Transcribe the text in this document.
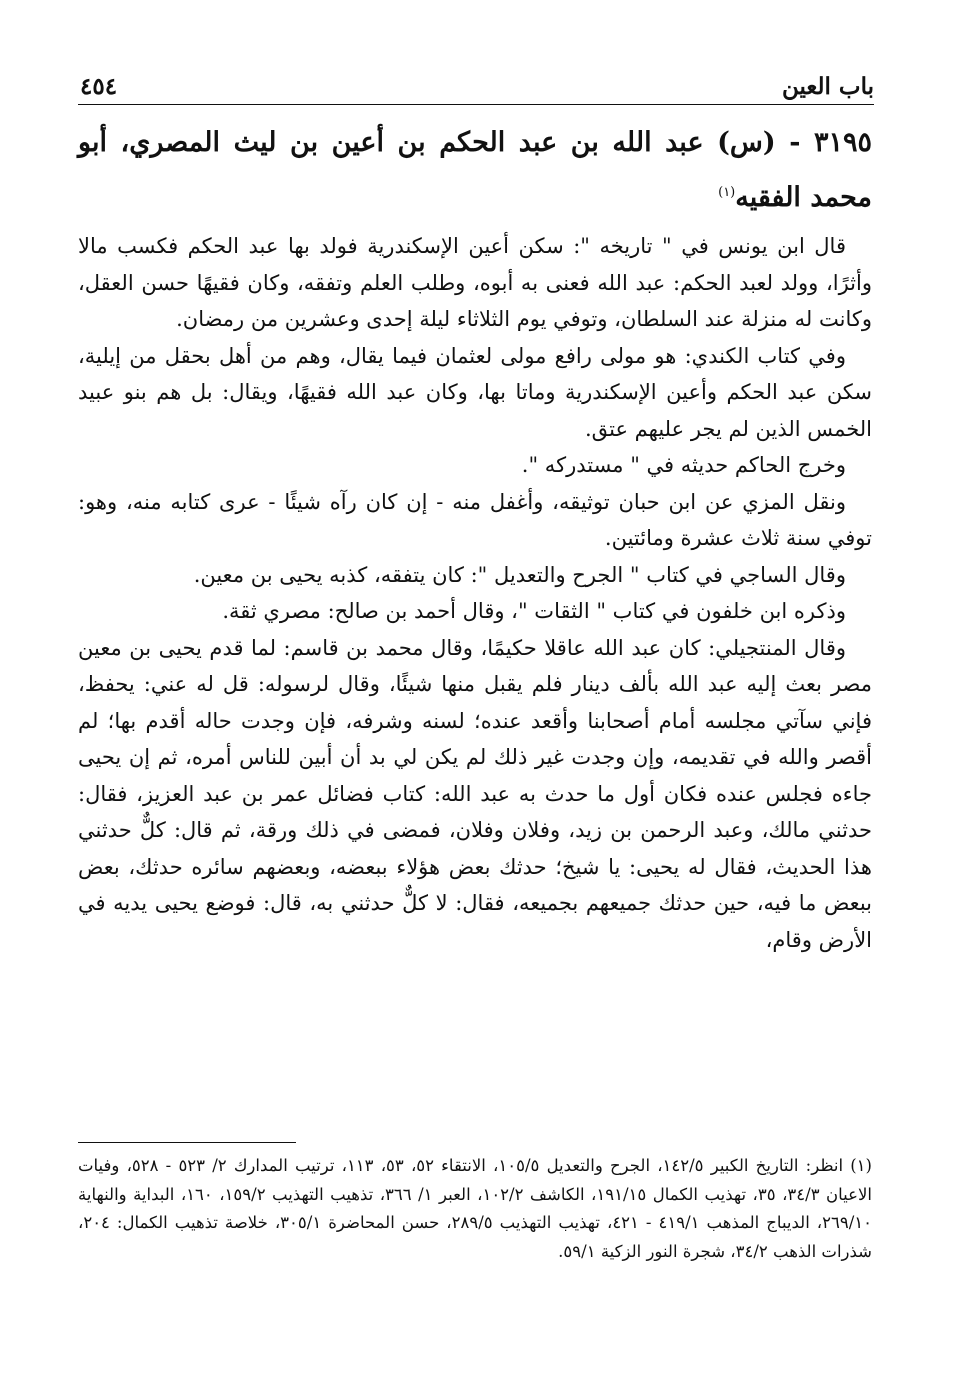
باب العين
٤٥٤
٣١٩٥ - (س) عبد الله بن عبد الحكم بن أعين بن ليث المصري، أبو محمد الفقيه$^{(١)}$

قال ابن يونس في " تاريخه ": سكن أعين الإسكندرية فولد بها عبد الحكم فكسب مالا وأثرًا، وولد لعبد الحكم: عبد الله فعنى به أبوه، وطلب العلم وتفقه، وكان فقيهًا حسن العقل، وكانت له منزلة عند السلطان، وتوفي يوم الثلاثاء ليلة إحدى وعشرين من رمضان.

وفي كتاب الكندي: هو مولى رافع مولى لعثمان فيما يقال، وهم من أهل بحقل من إيلية، سكن عبد الحكم وأعين الإسكندرية وماتا بها، وكان عبد الله فقيهًا، ويقال: بل هم بنو عبيد الخمس الذين لم يجر عليهم عتق.

وخرج الحاكم حديثه في " مستدركه ".

ونقل المزي عن ابن حبان توثيقه، وأغفل منه - إن كان رآه شيئًا - عرى كتابه منه، وهو: توفي سنة ثلاث عشرة ومائتين.

وقال الساجي في كتاب " الجرح والتعديل ": كان يتفقه، كذبه يحيى بن معين.

وذكره ابن خلفون في كتاب " الثقات "، وقال أحمد بن صالح: مصري ثقة.

وقال المنتجيلي: كان عبد الله عاقلا حكيمًا، وقال محمد بن قاسم: لما قدم يحيى بن معين مصر بعث إليه عبد الله بألف دينار فلم يقبل منها شيئًا، وقال لرسوله: قل له عني: يحفظ، فإني سآتي مجلسه أمام أصحابنا وأقعد عنده؛ لسنه وشرفه، فإن وجدت حاله أقدم بها؛ لم أقصر والله في تقديمه، وإن وجدت غير ذلك لم يكن لي بد أن أبين للناس أمره، ثم إن يحيى جاءه فجلس عنده فكان أول ما حدث به عبد الله: كتاب فضائل عمر بن عبد العزيز، فقال: حدثني مالك، وعبد الرحمن بن زيد، وفلان وفلان، فمضى في ذلك ورقة، ثم قال: كلٌّ حدثني هذا الحديث، فقال له يحيى: يا شيخ؛ حدثك بعض هؤلاء ببعضه، وبعضهم سائره حدثك، بعض ببعض ما فيه، حين حدثك جميعهم بجميعه، فقال: لا كلٌّ حدثني به، قال: فوضع يحيى يديه في الأرض وقام،

(١) انظر: التاريخ الكبير ١٤٢/٥، الجرح والتعديل ١٠٥/٥، الانتقاء ٥٢، ٥٣، ١١٣، ترتيب المدارك ٢/ ٥٢٣ - ٥٢٨، وفيات الاعيان ٣٤/٣، ٣٥، تهذيب الكمال ١٩١/١٥، الكاشف ١٠٢/٢، العبر ١/ ٣٦٦، تذهيب التهذيب ١٥٩/٢، ١٦٠، البداية والنهاية ٢٦٩/١٠، الديباج المذهب ٤١٩/١ - ٤٢١، تهذيب التهذيب ٢٨٩/٥، حسن المحاضرة ٣٠٥/١، خلاصة تذهيب الكمال: ٢٠٤، شذرات الذهب ٣٤/٢، شجرة النور الزكية ٥٩/١.
